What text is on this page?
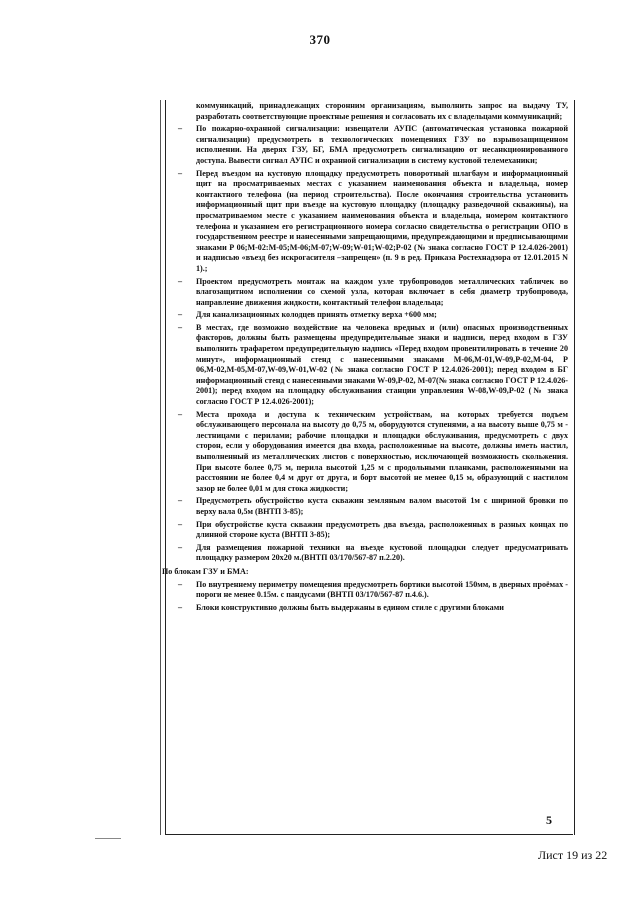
370
коммуникаций, принадлежащих сторонним организациям, выполнить запрос на выдачу ТУ, разработать соответствующие проектные решения и согласовать их с владельцами коммуникаций;
–	По пожарно-охранной сигнализации: извещатели АУПС (автоматическая установка пожарной сигнализации) предусмотреть в технологических помещениях ГЗУ во взрывозащищенном исполнении. На дверях ГЗУ, БГ, БМА предусмотреть сигнализацию от несанкционированного доступа. Вывести сигнал АУПС и охранной сигнализации в систему кустовой телемеханики;
–	Перед въездом на кустовую площадку предусмотреть поворотный шлагбаум и информационный щит на просматриваемых местах с указанием наименования объекта и владельца, номер контактного телефона (на период строительства). После окончания строительства установить информационный щит при въезде на кустовую площадку (площадку разведочной скважины), на просматриваемом месте с указанием наименования объекта и владельца, номером контактного телефона и указанием его регистрационного номера согласно свидетельства о регистрации ОПО в государственном реестре и нанесенными запрещающими, предупреждающими и предписывающими знаками Р 06;М-02:М-05;М-06;М-07;W-09;W-01;W-02;Р-02 (№ знака согласно ГОСТ Р 12.4.026-2001) и надписью «въезд без искрогасителя –запрещен» (п. 9 в ред. Приказа Ростехнадзора от 12.01.2015 N 1).;
–	Проектом предусмотреть монтаж на каждом узле трубопроводов металлических табличек во влагозащитном исполнении со схемой узла, которая включает в себя диаметр трубопровода, направление движения жидкости, контактный телефон владельца;
–	Для канализационных колодцев принять отметку верха +600 мм;
–	В местах, где возможно воздействие на человека вредных и (или) опасных производственных факторов, должны быть размещены предупредительные знаки и надписи, перед входом в ГЗУ выполнить трафаретом предупредительную надпись «Перед входом провентилировать в течение 20 минут», информационный стенд с нанесенными знаками М-06,М-01,W-09,Р-02,М-04, Р 06,М-02,М-05,М-07,W-09,W-01,W-02 (№ знака согласно ГОСТ Р 12.4.026-2001); перед входом в БГ информационный стенд с нанесенными знаками W-09,Р-02, М-07(№ знака согласно ГОСТ Р 12.4.026-2001); перед входом на площадку обслуживания станции управления W-08,W-09,Р-02 (№ знака согласно ГОСТ Р 12.4.026-2001);
–	Места прохода и доступа к техническим устройствам, на которых требуется подъем обслуживающего персонала на высоту до 0,75 м, оборудуются ступенями, а на высоту выше 0,75 м - лестницами с перилами; рабочие площадки и площадки обслуживания, предусмотреть с двух сторон, если у оборудования имеется два входа, расположенные на высоте, должны иметь настил, выполненный из металлических листов с поверхностью, исключающей возможность скольжения. При высоте более 0,75 м, перила высотой 1,25 м с продольными планками, расположенными на расстоянии не более 0,4 м друг от друга, и борт высотой не менее 0,15 м, образующий с настилом зазор не более 0,01 м для стока жидкости;
–	Предусмотреть обустройство куста скважин земляным валом высотой 1м с шириной бровки по верху вала 0,5м (ВНТП 3-85);
–	При обустройстве куста скважин предусмотреть два въезда, расположенных в разных концах по длинной стороне куста (ВНТП 3-85);
–	Для размещения пожарной техники на въезде кустовой площадки следует предусматривать площадку размером 20х20 м.(ВНТП 03/170/567-87 п.2.20).
По блокам ГЗУ и БМА:
–	По внутреннему периметру помещения предусмотреть бортики высотой 150мм, в дверных проёмах - пороги не менее 0.15м. с пандусами (ВНТП 03/170/567-87 п.4.6.).
–	Блоки конструктивно должны быть выдержаны в едином стиле с другими блоками
5
Лист 19 из 22
